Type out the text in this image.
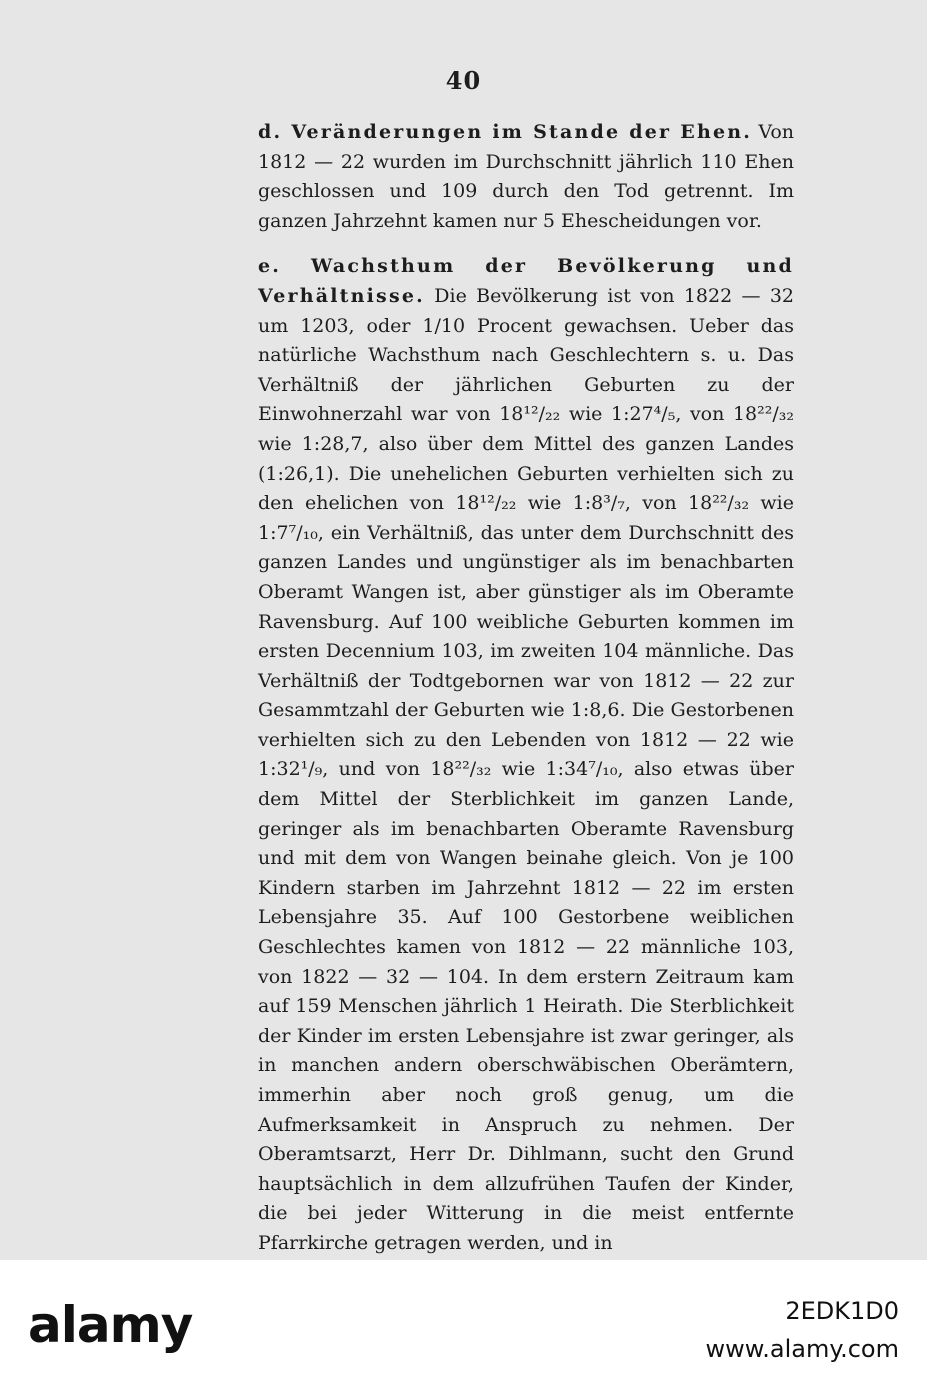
40

d. Veränderungen im Stande der Ehen. Von 1812 — 22 wurden im Durchschnitt jährlich 110 Ehen geschlossen und 109 durch den Tod getrennt. Im ganzen Jahrzehnt kamen nur 5 Ehescheidungen vor.

e. Wachsthum der Bevölkerung und Verhältnisse. Die Bevölkerung ist von 1822 — 32 um 1203, oder 1/10 Procent gewachsen. Ueber das natürliche Wachsthum nach Geschlechtern s. u. Das Verhältniß der jährlichen Geburten zu der Einwohnerzahl war von 18¹²/₂₂ wie 1:27⁴/₅, von 18²²/₃₂ wie 1:28,7, also über dem Mittel des ganzen Landes (1:26,1). Die unehelichen Geburten verhielten sich zu den ehelichen von 18¹²/₂₂ wie 1:8³/₇, von 18²²/₃₂ wie 1:7⁷/₁₀, ein Verhältniß, das unter dem Durchschnitt des ganzen Landes und ungünstiger als im benachbarten Oberamt Wangen ist, aber günstiger als im Oberamte Ravensburg. Auf 100 weibliche Geburten kommen im ersten Decennium 103, im zweiten 104 männliche. Das Verhältniß der Todtgebornen war von 1812 — 22 zur Gesammtzahl der Geburten wie 1:8,6. Die Gestorbenen verhielten sich zu den Lebenden von 1812 — 22 wie 1:32¹/₉, und von 18²²/₃₂ wie 1:34⁷/₁₀, also etwas über dem Mittel der Sterblichkeit im ganzen Lande, geringer als im benachbarten Oberamte Ravensburg und mit dem von Wangen beinahe gleich. Von je 100 Kindern starben im Jahrzehnt 1812 — 22 im ersten Lebensjahre 35. Auf 100 Gestorbene weiblichen Geschlechtes kamen von 1812 — 22 männliche 103, von 1822 — 32 — 104. In dem erstern Zeitraum kam auf 159 Menschen jährlich 1 Heirath. Die Sterblichkeit der Kinder im ersten Lebensjahre ist zwar geringer, als in manchen andern oberschwäbischen Oberämtern, immerhin aber noch groß genug, um die Aufmerksamkeit in Anspruch zu nehmen. Der Oberamtsarzt, Herr Dr. Dihlmann, sucht den Grund hauptsächlich in dem allzufrühen Taufen der Kinder, die bei jeder Witterung in die meist entfernte Pfarrkirche getragen werden, und in

alamy	2EDK1D0
www.alamy.com
